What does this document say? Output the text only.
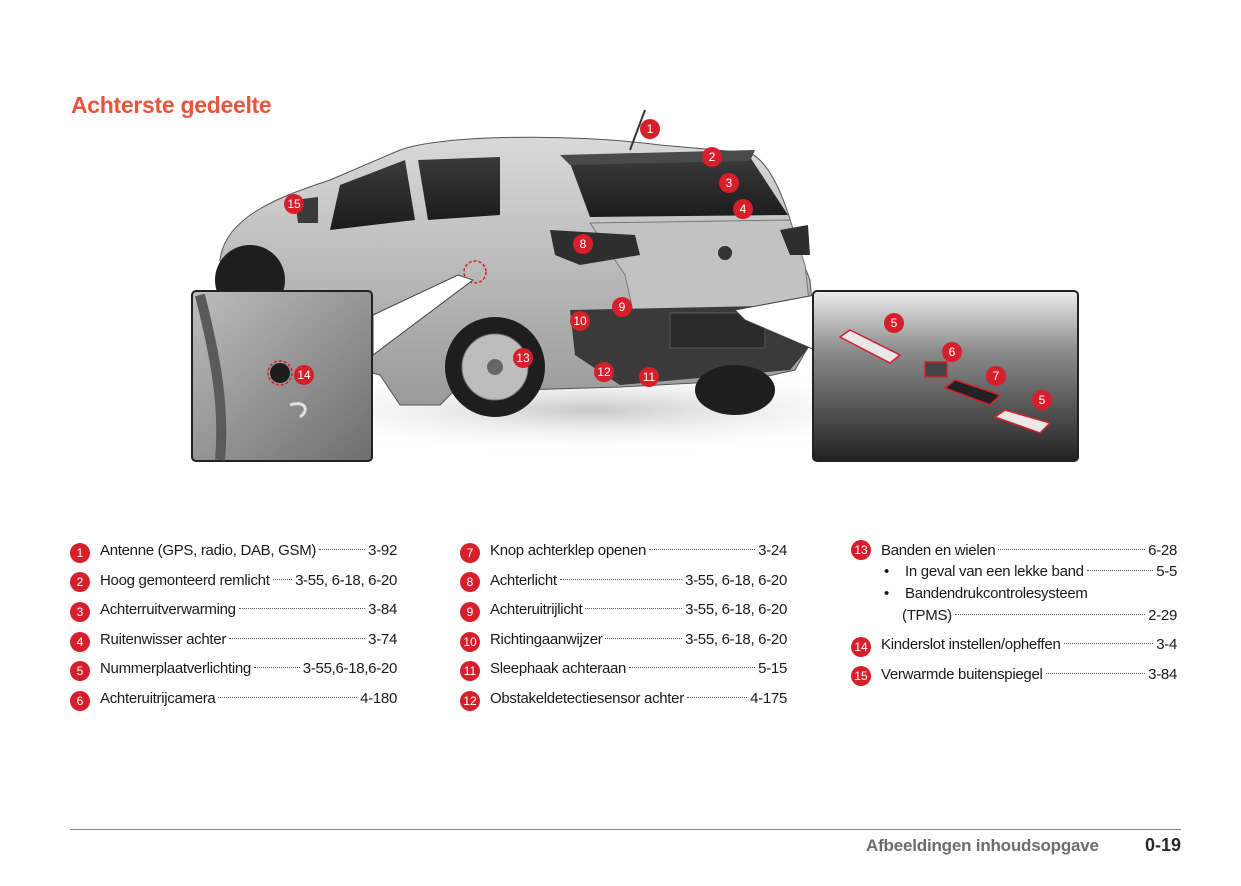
Achterste gedeelte
1
2
3
4
8
9
10
11
12
13
14
15
5
6
7
5
1	Antenne (GPS, radio, DAB, GSM)	3-92
2	Hoog gemonteerd remlicht 3-55, 6-18, 6-20
3	Achterruitverwarming	3-84
4	Ruitenwisser achter	3-74
5	Nummerplaatverlichting	3-55,6-18,6-20
6	Achteruitrijcamera	4-180
7	Knop achterklep openen	3-24
8	Achterlicht	3-55, 6-18, 6-20
9	Achteruitrijlicht	3-55, 6-18, 6-20
10 Richtingaanwijzer	3-55, 6-18, 6-20
11 Sleephaak achteraan	5-15
12 Obstakeldetectiesensor achter	4-175
13 Banden en wielen	6-28
•	In geval van een lekke band	5-5
•	Bandendrukcontrolesysteem
(TPMS)	2-29
14 Kinderslot instellen/opheffen	3-4
15 Verwarmde buitenspiegel	3-84
Afbeeldingen inhoudsopgave	0-19
